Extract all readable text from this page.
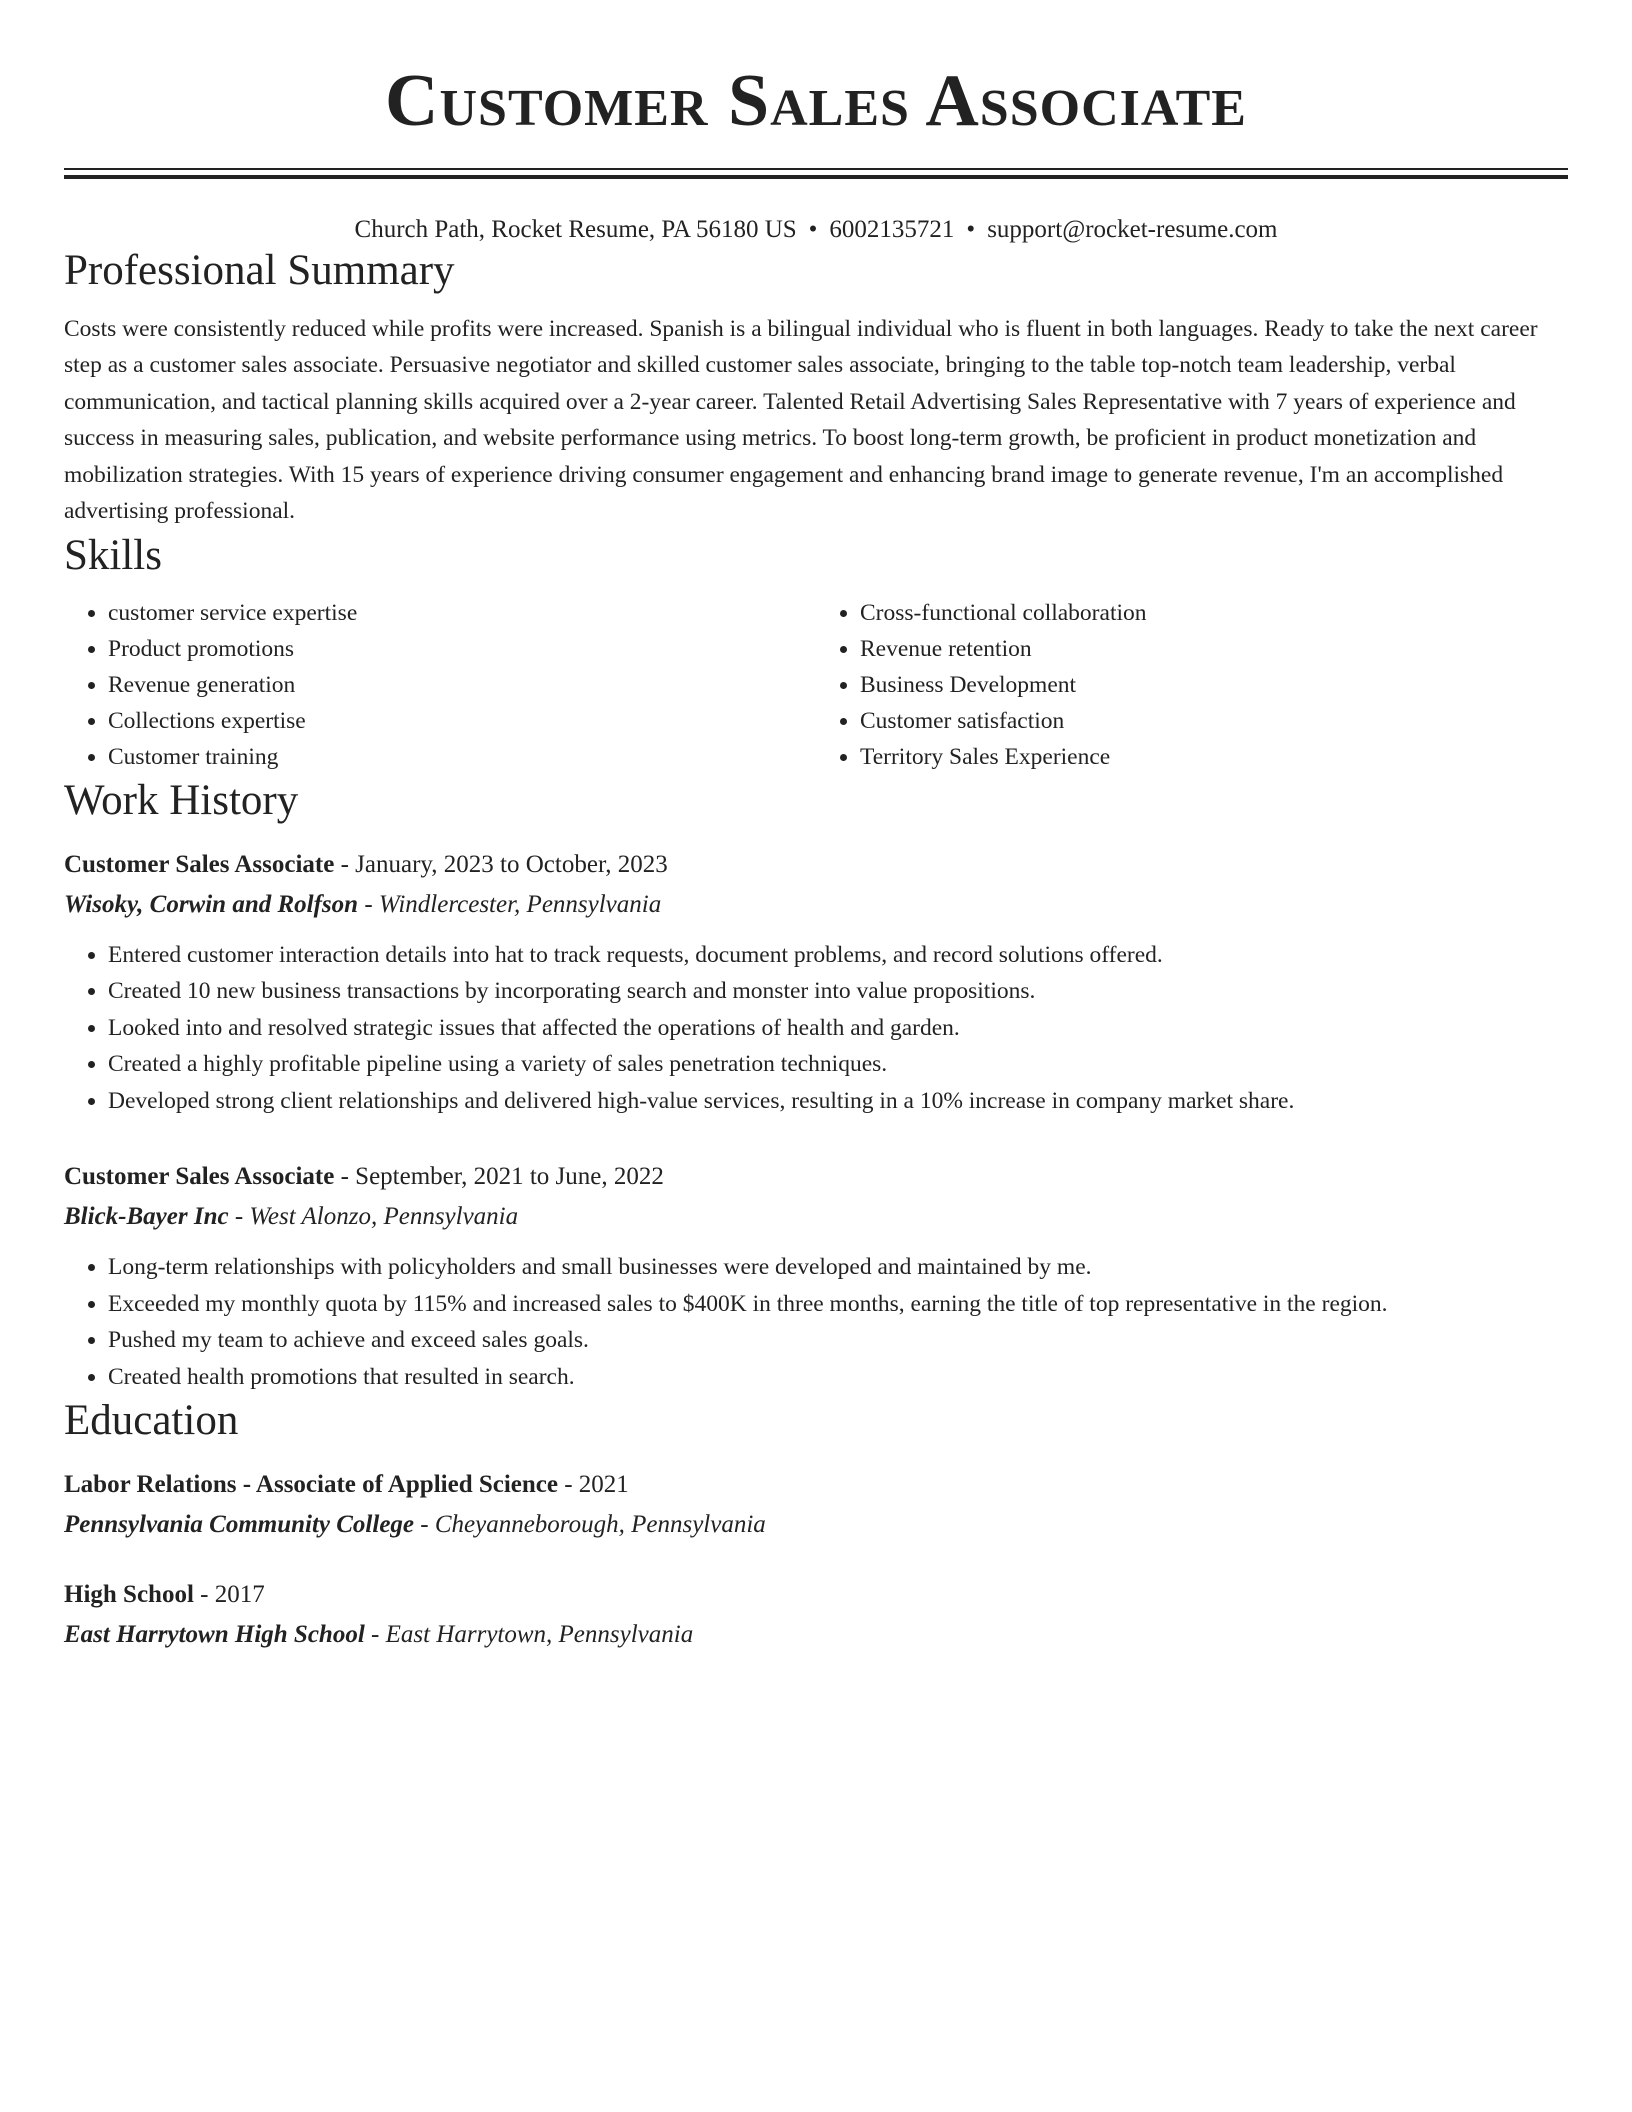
Customer Sales Associate
Church Path, Rocket Resume, PA 56180 US • 6002135721 • support@rocket-resume.com
Professional Summary

Costs were consistently reduced while profits were increased. Spanish is a bilingual individual who is fluent in both languages. Ready to take the next career step as a customer sales associate. Persuasive negotiator and skilled customer sales associate, bringing to the table top-notch team leadership, verbal communication, and tactical planning skills acquired over a 2-year career. Talented Retail Advertising Sales Representative with 7 years of experience and success in measuring sales, publication, and website performance using metrics. To boost long-term growth, be proficient in product monetization and mobilization strategies. With 15 years of experience driving consumer engagement and enhancing brand image to generate revenue, I'm an accomplished advertising professional.

Skills
• customer service expertise
• Product promotions
• Revenue generation
• Collections expertise
• Customer training
• Cross-functional collaboration
• Revenue retention
• Business Development
• Customer satisfaction
• Territory Sales Experience
Work History
Customer Sales Associate - January, 2023 to October, 2023
Wisoky, Corwin and Rolfson - Windlercester, Pennsylvania
• Entered customer interaction details into hat to track requests, document problems, and record solutions offered.
• Created 10 new business transactions by incorporating search and monster into value propositions.
• Looked into and resolved strategic issues that affected the operations of health and garden.
• Created a highly profitable pipeline using a variety of sales penetration techniques.
• Developed strong client relationships and delivered high-value services, resulting in a 10% increase in company market share.
Customer Sales Associate - September, 2021 to June, 2022
Blick-Bayer Inc - West Alonzo, Pennsylvania
• Long-term relationships with policyholders and small businesses were developed and maintained by me.
• Exceeded my monthly quota by 115% and increased sales to $400K in three months, earning the title of top representative in the region.
• Pushed my team to achieve and exceed sales goals.
• Created health promotions that resulted in search.
Education
Labor Relations - Associate of Applied Science - 2021
Pennsylvania Community College - Cheyanneborough, Pennsylvania
High School - 2017
East Harrytown High School - East Harrytown, Pennsylvania
